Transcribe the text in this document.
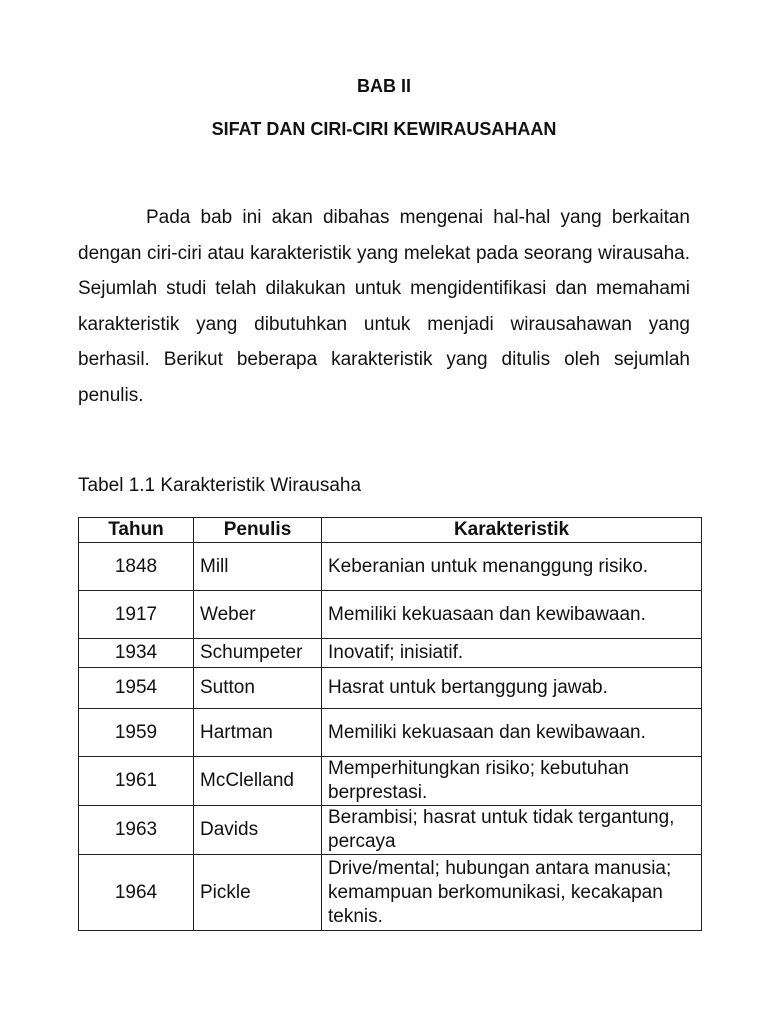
BAB II
SIFAT DAN CIRI-CIRI KEWIRAUSAHAAN

Pada bab ini akan dibahas mengenai hal-hal yang berkaitan dengan ciri-ciri atau karakteristik yang melekat pada seorang wirausaha. Sejumlah studi telah dilakukan untuk mengidentifikasi dan memahami karakteristik yang dibutuhkan untuk menjadi wirausahawan yang berhasil. Berikut beberapa karakteristik yang ditulis oleh sejumlah penulis.

Tabel 1.1 Karakteristik Wirausaha
Tahun	Penulis	Karakteristik
1848	Mill	Keberanian untuk menanggung risiko.
1917	Weber	Memiliki kekuasaan dan kewibawaan.
1934	Schumpeter	Inovatif; inisiatif.
1954	Sutton	Hasrat untuk bertanggung jawab.
1959	Hartman	Memiliki kekuasaan dan kewibawaan.
1961	McClelland	Memperhitungkan risiko; kebutuhan berprestasi.
1963	Davids	Berambisi; hasrat untuk tidak tergantung, percaya
1964	Pickle	Drive/mental; hubungan antara manusia; kemampuan berkomunikasi, kecakapan teknis.
